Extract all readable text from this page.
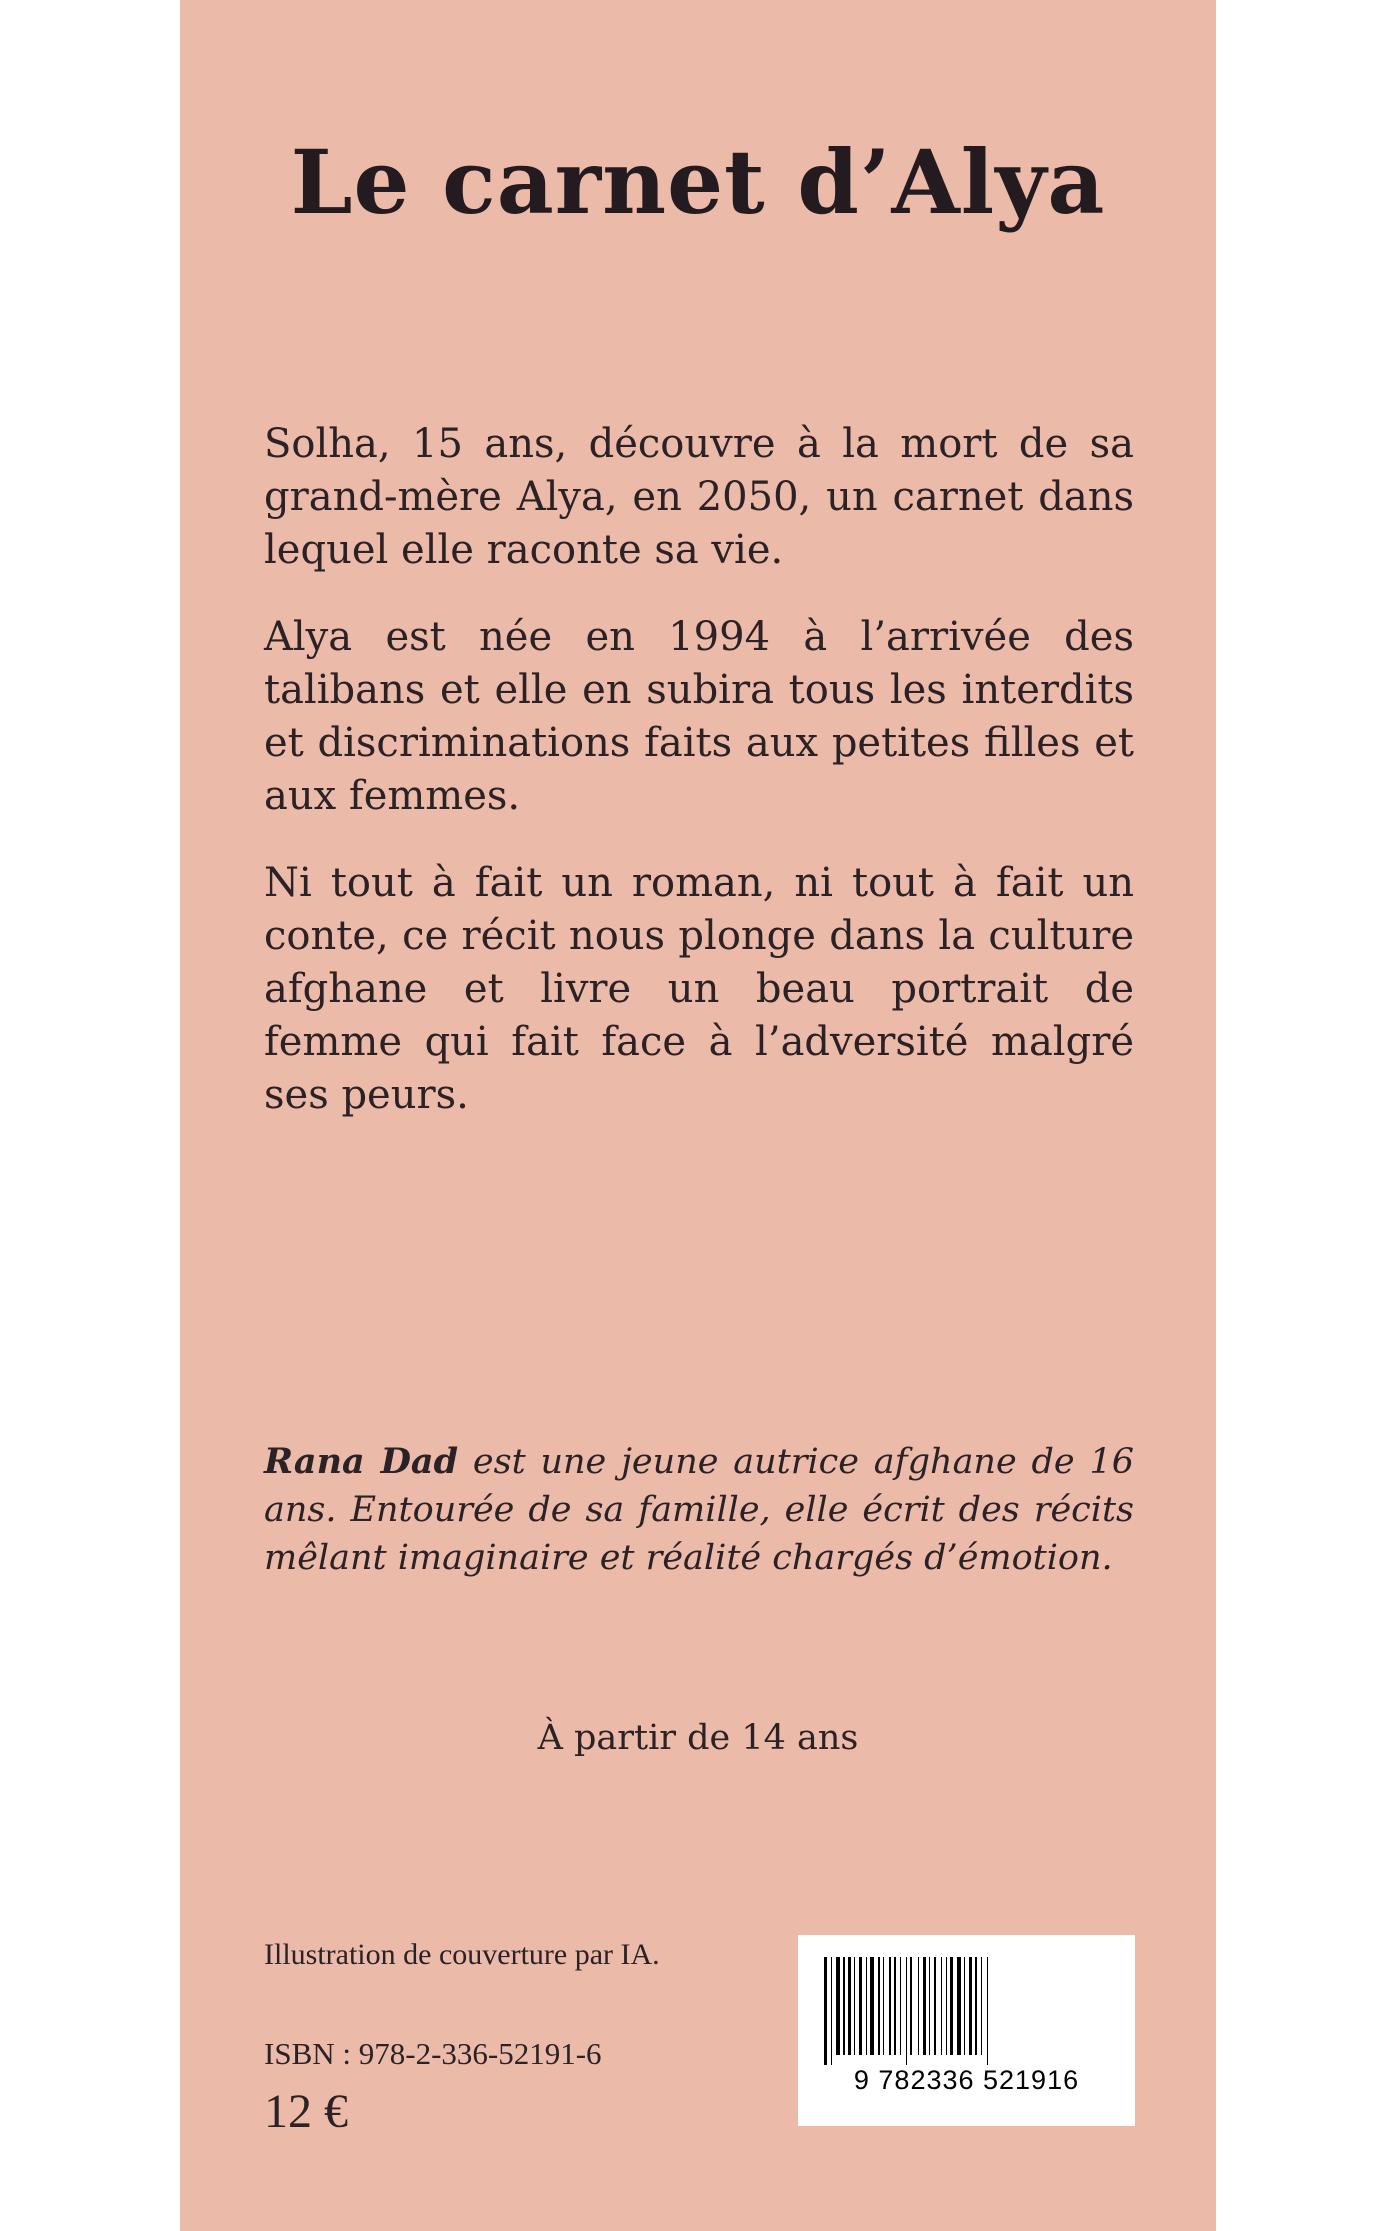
Le carnet d’Alya

Solha, 15 ans, découvre à la mort de sa grand-mère Alya, en 2050, un carnet dans lequel elle raconte sa vie.

Alya est née en 1994 à l’arrivée des talibans et elle en subira tous les interdits et discriminations faits aux petites filles et aux femmes.

Ni tout à fait un roman, ni tout à fait un conte, ce récit nous plonge dans la culture afghane et livre un beau portrait de femme qui fait face à l’adversité malgré ses peurs.

Rana Dad est une jeune autrice afghane de 16 ans. Entourée de sa famille, elle écrit des récits mêlant imaginaire et réalité chargés d’émotion.

À partir de 14 ans
Illustration de couverture par IA.
ISBN : 978-2-336-52191-6
12 €
9 782336 521916
